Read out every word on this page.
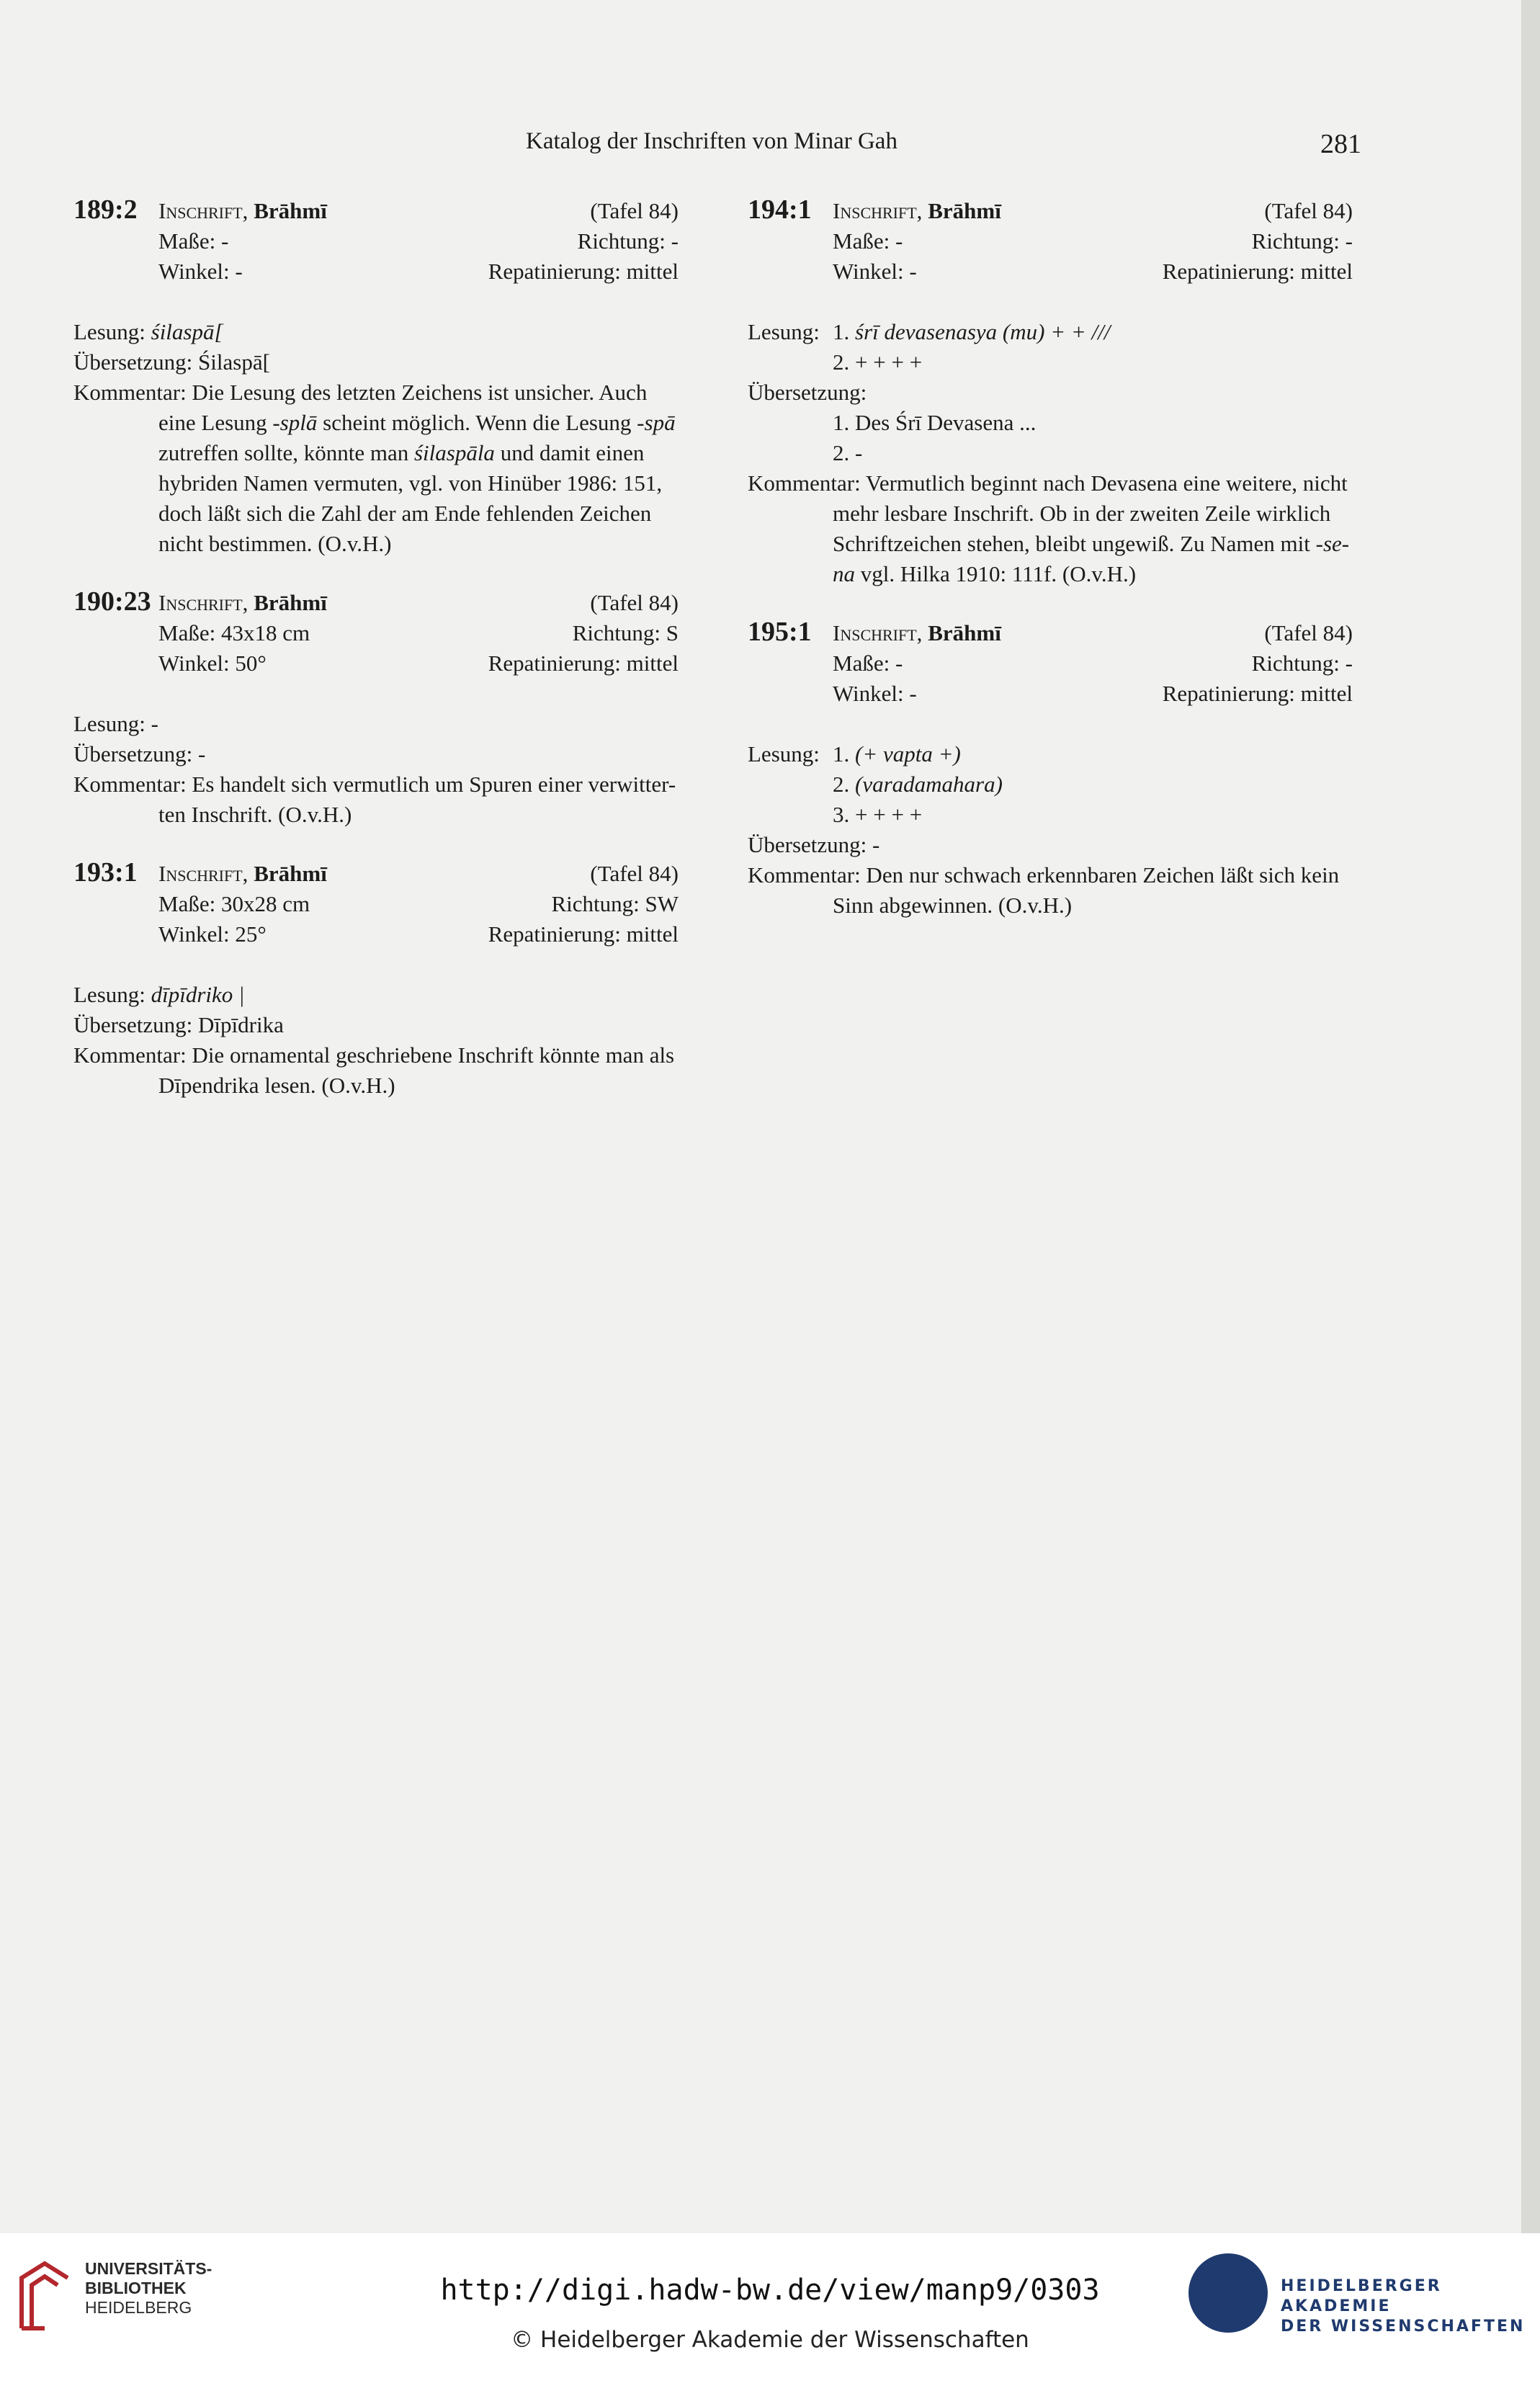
Katalog der Inschriften von Minar Gah	281
189:2 Inschrift, Brāhmī	(Tafel 84)
Maße: -	Richtung: -
Winkel: -	Repatinierung: mittel

Lesung: śilaspā[

Übersetzung: Śilaspā[

Kommentar: Die Lesung des letzten Zeichens ist unsicher. Auch

eine Lesung -splā scheint möglich. Wenn die Lesung -spā

zutreffen sollte, könnte man śilaspāla und damit einen

hybriden Namen vermuten, vgl. von Hinüber 1986: 151,

doch läßt sich die Zahl der am Ende fehlenden Zeichen

nicht bestimmen. (O.v.H.)

190:23 Inschrift, Brāhmī	(Tafel 84)
Maße: 43x18 cm	Richtung: S
Winkel: 50°	Repatinierung: mittel

Lesung: -

Übersetzung: -

Kommentar: Es handelt sich vermutlich um Spuren einer verwitter-

ten Inschrift. (O.v.H.)

193:1 Inschrift, Brāhmī	(Tafel 84)
Maße: 30x28 cm	Richtung: SW
Winkel: 25°	Repatinierung: mittel

Lesung: dīpīdriko |

Übersetzung: Dīpīdrika

Kommentar: Die ornamental geschriebene Inschrift könnte man als

Dīpendrika lesen. (O.v.H.)

194:1 Inschrift, Brāhmī	(Tafel 84)
Maße: -	Richtung: -
Winkel: -	Repatinierung: mittel
Lesung: 1. śrī devasenasya (mu) + + ///

2. + + + +

Übersetzung:

1. Des Śrī Devasena ...

2. -

Kommentar: Vermutlich beginnt nach Devasena eine weitere, nicht

mehr lesbare Inschrift. Ob in der zweiten Zeile wirklich

Schriftzeichen stehen, bleibt ungewiß. Zu Namen mit -se-

na vgl. Hilka 1910: 111f. (O.v.H.)

195:1 Inschrift, Brāhmī	(Tafel 84)
Maße: -	Richtung: -
Winkel: -	Repatinierung: mittel
Lesung: 1. (+ vapta +)

2. (varadamahara)

3. + + + +

Übersetzung: -

Kommentar: Den nur schwach erkennbaren Zeichen läßt sich kein

Sinn abgewinnen. (O.v.H.)

UNIVERSITÄTS-
BIBLIOTHEK
HEIDELBERG
http://digi.hadw-bw.de/view/manp9/0303
© Heidelberger Akademie der Wissenschaften
HEIDELBERGER AKADEMIE
DER WISSENSCHAFTEN
